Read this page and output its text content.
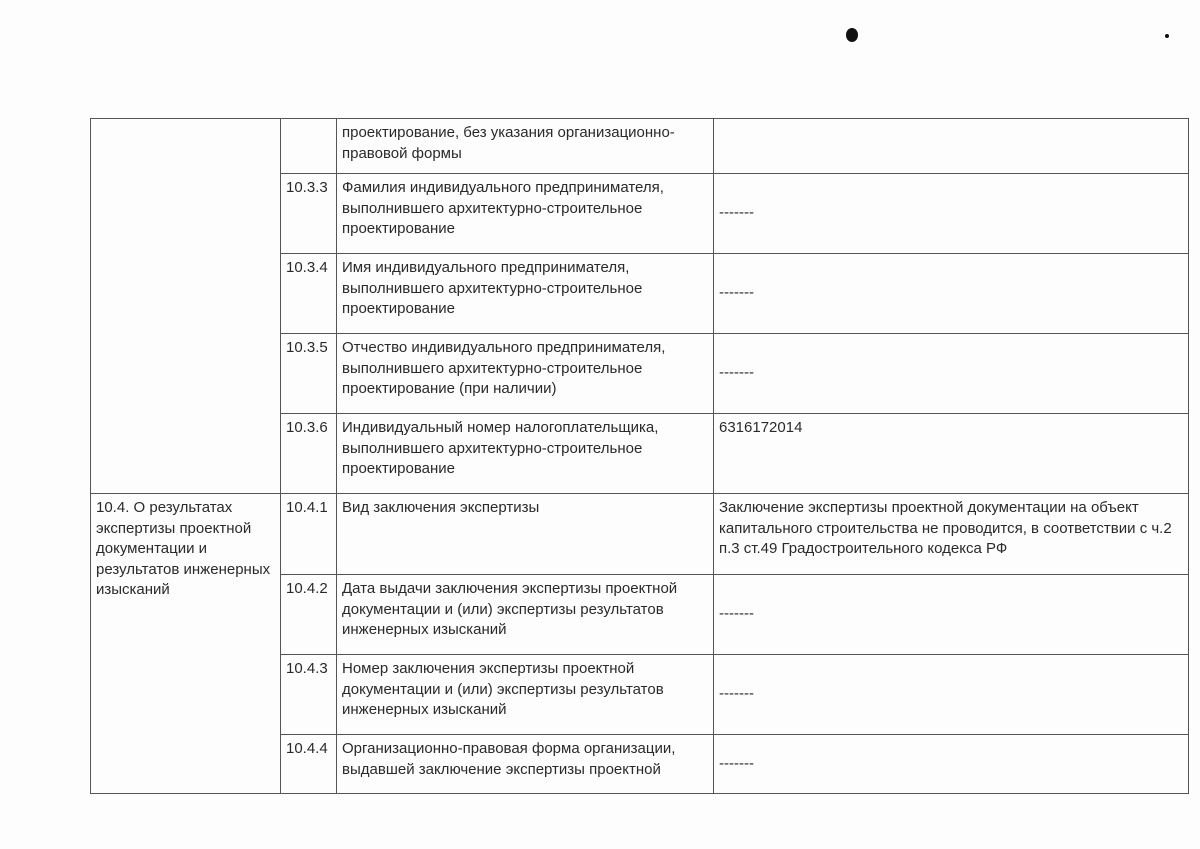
		проектирование, без указания организационно-правовой формы	
	10.3.3	Фамилия индивидуального предпринимателя, выполнившего архитектурно-строительное проектирование	-------
	10.3.4	Имя индивидуального предпринимателя, выполнившего архитектурно-строительное проектирование	-------
	10.3.5	Отчество индивидуального предпринимателя, выполнившего архитектурно-строительное проектирование (при наличии)	-------
	10.3.6	Индивидуальный номер налогоплательщика, выполнившего архитектурно-строительное проектирование	6316172014
10.4. О результатах экспертизы проектной документации и результатов инженерных изысканий	10.4.1	Вид заключения экспертизы	Заключение экспертизы проектной документации на объект капитального строительства не проводится, в соответствии с ч.2 п.3 ст.49 Градостроительного кодекса РФ
	10.4.2	Дата выдачи заключения экспертизы проектной документации и (или) экспертизы результатов инженерных изысканий	-------
	10.4.3	Номер заключения экспертизы проектной документации и (или) экспертизы результатов инженерных изысканий	-------
	10.4.4	Организационно-правовая форма организации, выдавшей заключение экспертизы проектной	-------
